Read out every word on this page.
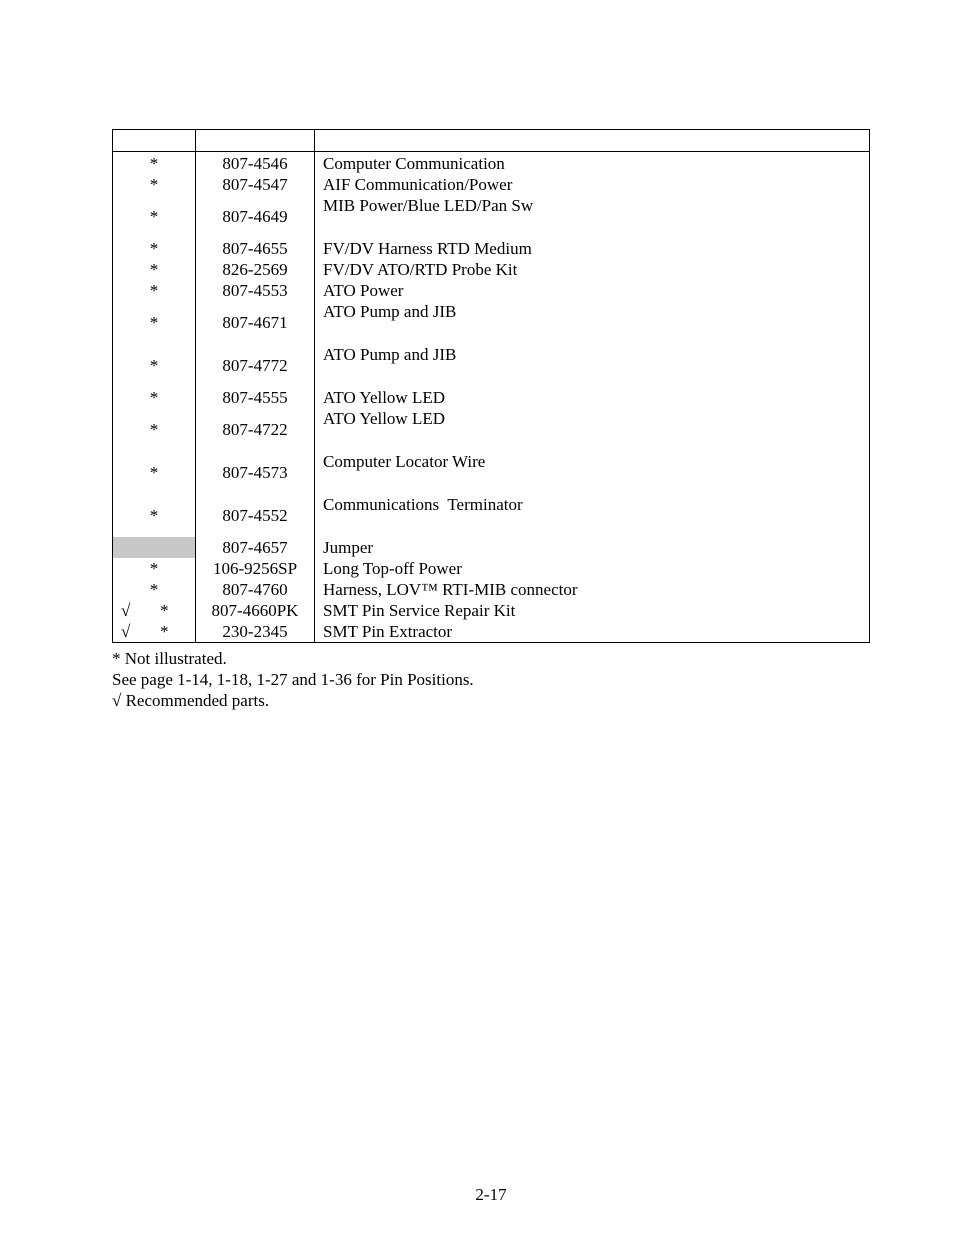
*	807-4546	Computer Communication

*	807-4547	AIF Communication/Power

*	807-4649	MIB Power/Blue LED/Pan Sw

*	807-4655	FV/DV Harness RTD Medium

*	826-2569	FV/DV ATO/RTD Probe Kit

*	807-4553	ATO Power

*	807-4671	ATO Pump and JIB

*	807-4772	ATO Pump and JIB

*	807-4555	ATO Yellow LED

*	807-4722	ATO Yellow LED

*	807-4573	Computer Locator Wire

*	807-4552	Communications  Terminator

	807-4657	Jumper

*	106-9256SP	Long Top-off Power

*	807-4760	Harness, LOV™ RTI-MIB connector

√ *	807-4660PK	SMT Pin Service Repair Kit

√ *	230-2345	SMT Pin Extractor
* Not illustrated.
See page 1-14, 1-18, 1-27 and 1-36 for Pin Positions.
√ Recommended parts.
2-17
